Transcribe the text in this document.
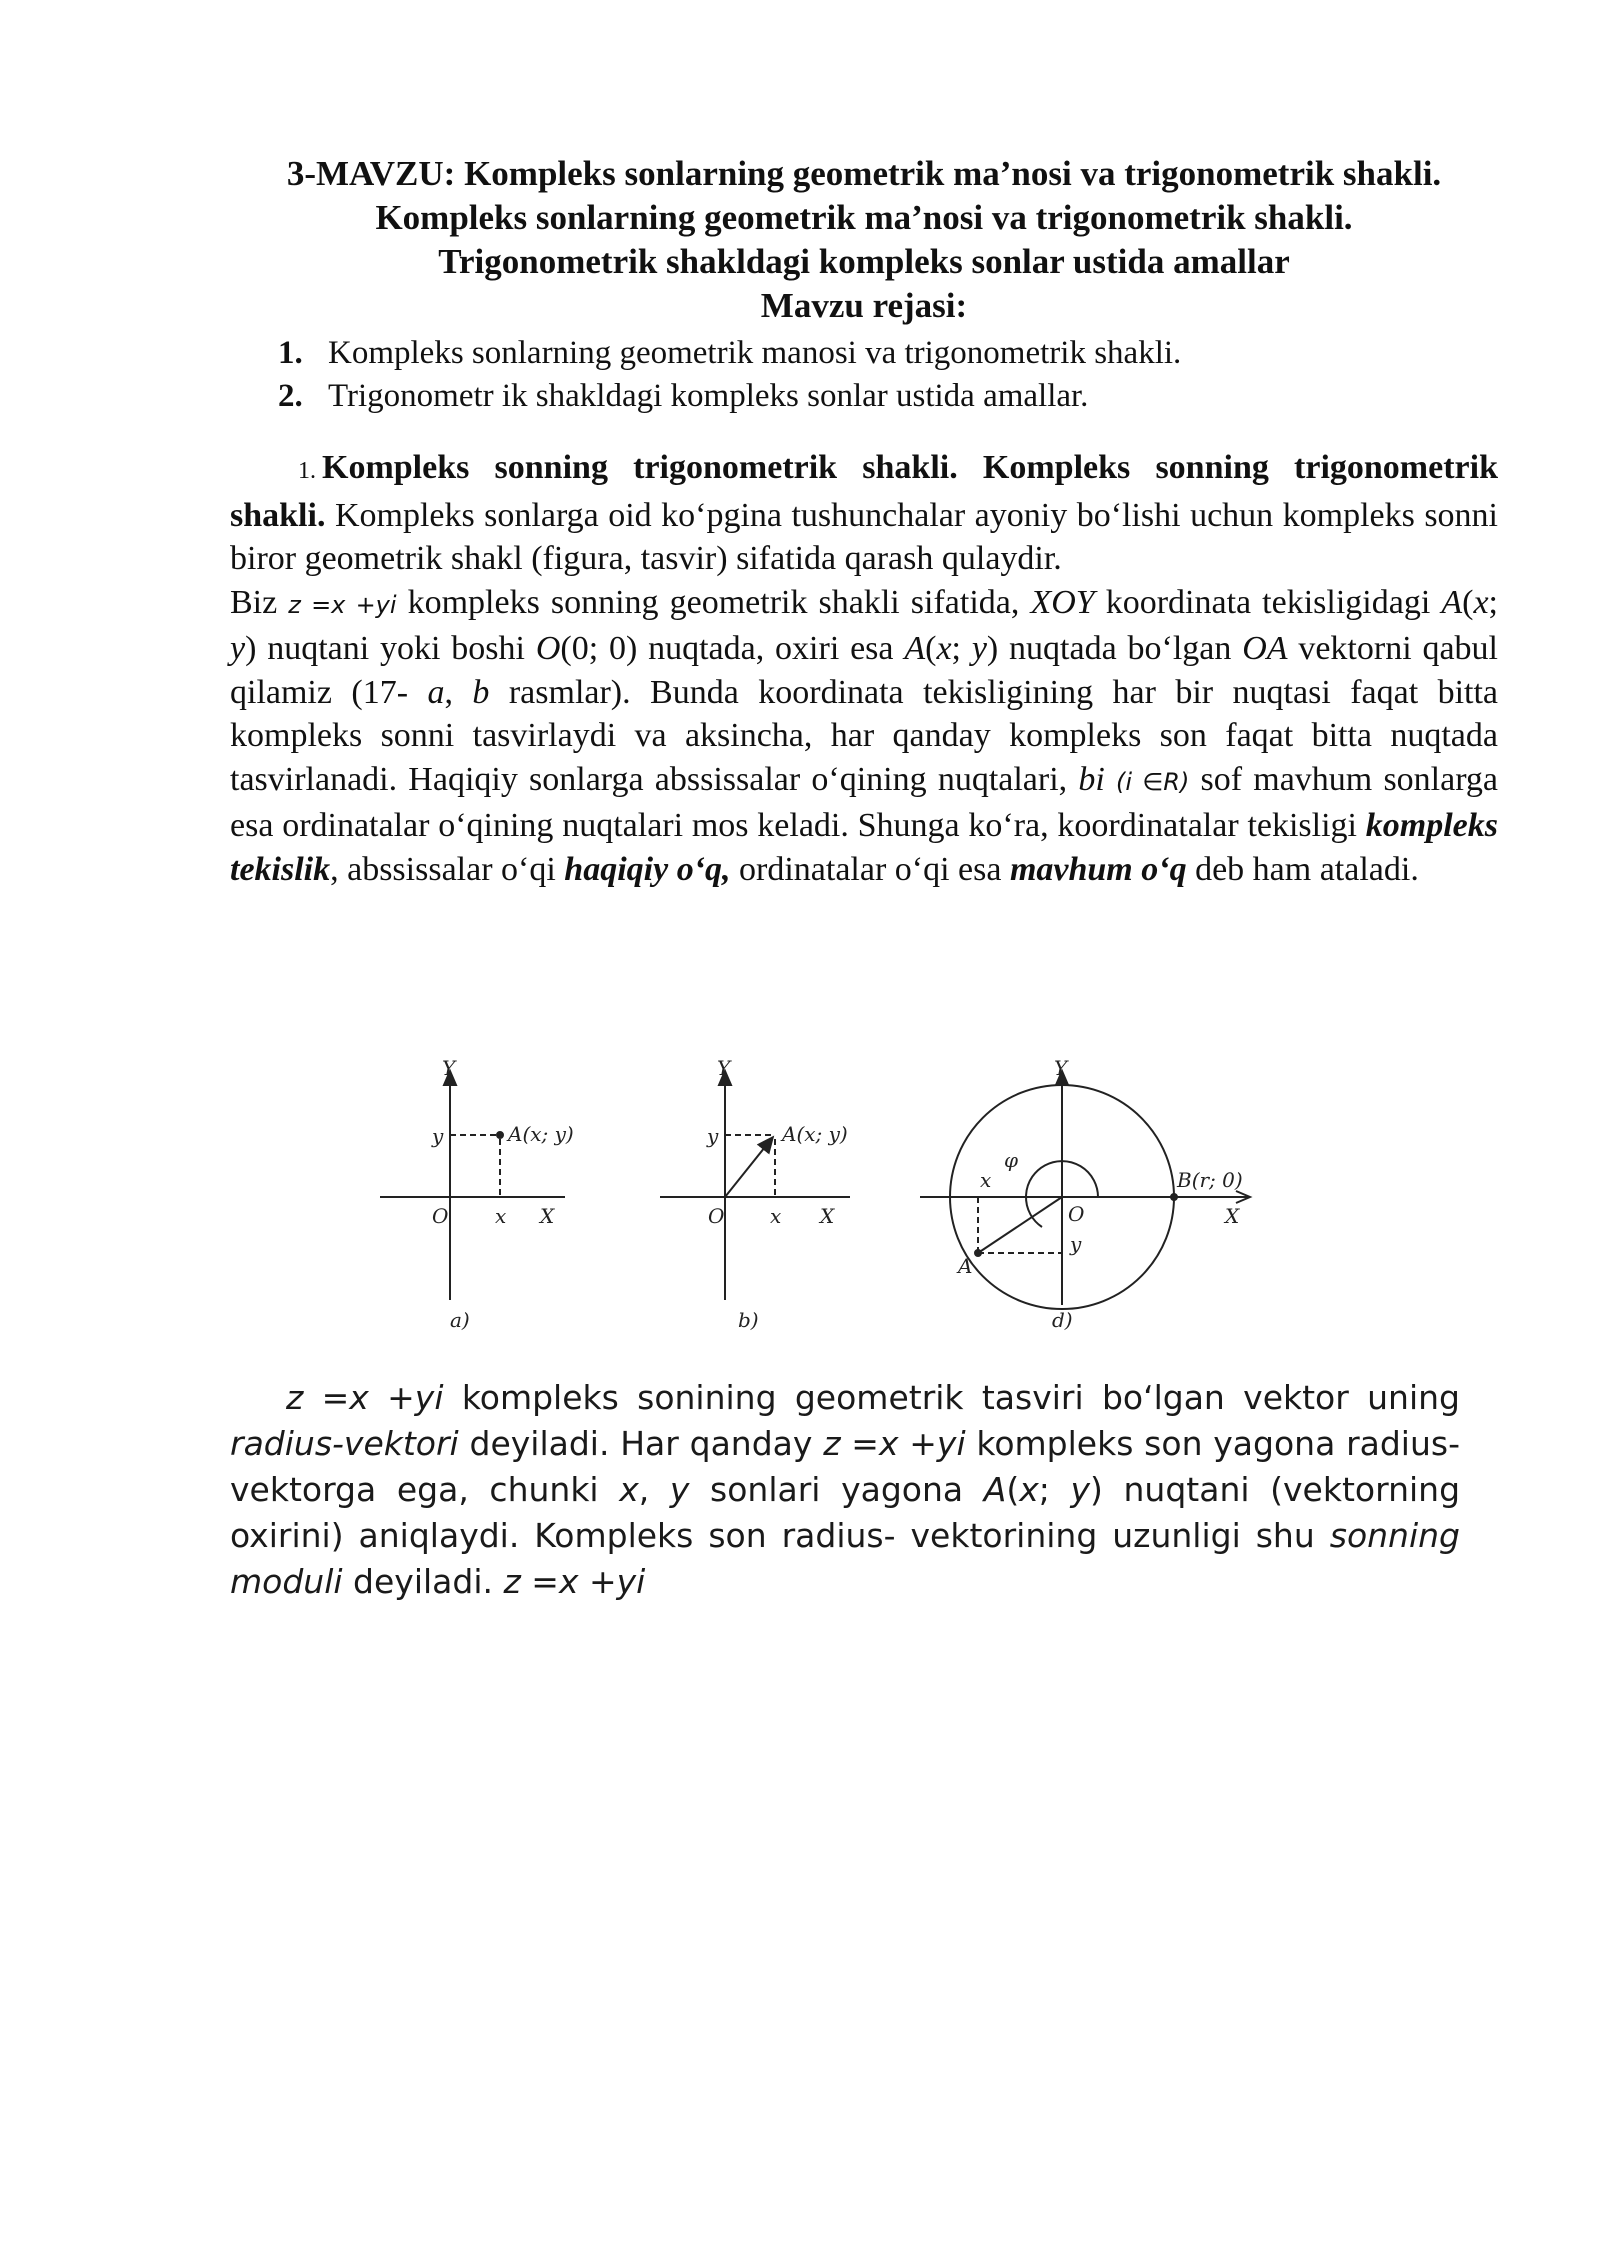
3-MAVZU: Kompleks sonlarning geometrik ma’nosi va trigonometrik shakli.

Kompleks sonlarning geometrik ma’nosi va trigonometrik shakli.

Trigonometrik shakldagi kompleks sonlar ustida amallar

Mavzu rejasi:

1. Kompleks sonlarning geometrik manosi va trigonometrik shakli.
2. Trigonometr ik shakldagi kompleks sonlar ustida amallar.

1. Kompleks sonning trigonometrik shakli. Kompleks sonning trigonometrik shakli. Kompleks sonlarga oid ko‘pgina tushunchalar ayoniy bo‘lishi uchun kompleks sonni biror geometrik shakl (figura, tasvir) sifatida qarash qulaydir.

Biz z =x +yi kompleks sonning geometrik shakli sifatida, XOY koordinata tekisligidagi A(x; y) nuqtani yoki boshi O(0; 0) nuqtada, oxiri esa A(x; y) nuqtada bo‘lgan OA vektorni qabul qilamiz (17- a, b rasmlar). Bunda koordinata tekisligining har bir nuqtasi faqat bitta kompleks sonni tasvirlaydi va aksincha, har qanday kompleks son faqat bitta nuqtada tasvirlanadi. Haqiqiy sonlarga abssissalar o‘qining nuqtalari, bi (i ∈R) sof mavhum sonlarga esa ordinatalar o‘qining nuqtalari mos keladi. Shunga ko‘ra, koordinatalar tekisligi kompleks tekislik, abssissalar o‘qi haqiqiy o‘q, ordinatalar o‘qi esa mavhum o‘q deb ham ataladi.

Y
y	A(x; y)
O x X
a)
Y
y	A(x; y)
O x X
b)
Y
φ
x	B(r; 0)
O	X
A
y
d)

z =x +yi kompleks sonining geometrik tasviri bo‘lgan vektor uning radius-vektori deyiladi. Har qanday z =x +yi kompleks son yagona radius-vektorga ega, chunki x, y sonlari yagona A(x; y) nuqtani (vektorning oxirini) aniqlaydi. Kompleks son radius- vektorining uzunligi shu sonning moduli deyiladi. z =x +yi
